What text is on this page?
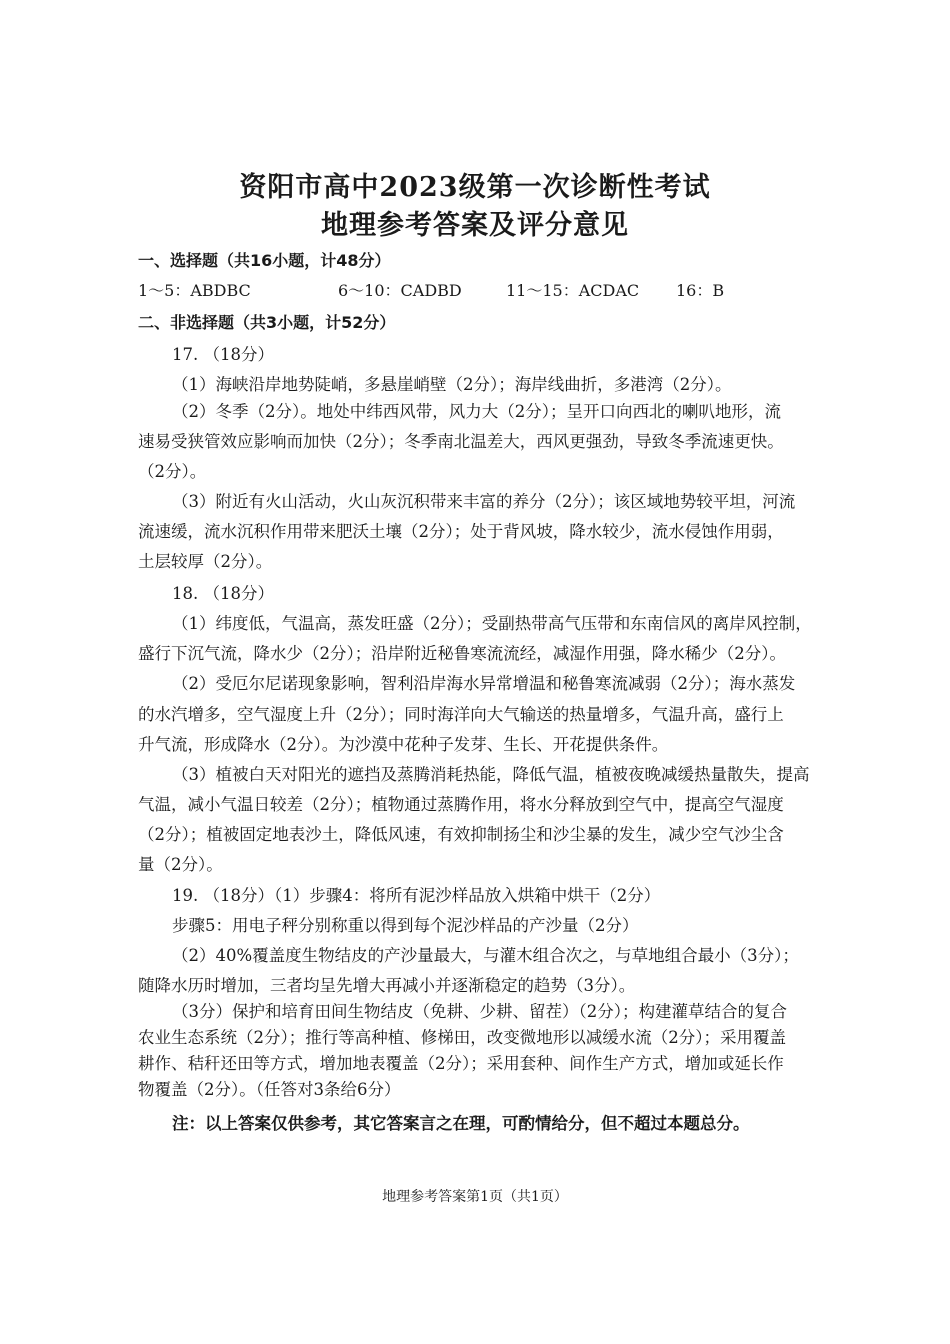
资阳市高中2023级第一次诊断性考试
地理参考答案及评分意见
一、选择题（共16小题，计48分）
1～5：ABDBC	6～10：CADBD	11～15：ACDAC 16：B
二、非选择题（共3小题，计52分）
17. （18分）
（1）海峡沿岸地势陡峭，多悬崖峭壁（2分）；海岸线曲折，多港湾（2分）。
（2）冬季（2分）。地处中纬西风带，风力大（2分）；呈开口向西北的喇叭地形，流
速易受狭管效应影响而加快（2分）；冬季南北温差大，西风更强劲，导致冬季流速更快。
（2分）。
（3）附近有火山活动，火山灰沉积带来丰富的养分（2分）；该区域地势较平坦，河流
流速缓，流水沉积作用带来肥沃土壤（2分）；处于背风坡，降水较少，流水侵蚀作用弱，
土层较厚（2分）。
18. （18分）
（1）纬度低，气温高，蒸发旺盛（2分）；受副热带高气压带和东南信风的离岸风控制，
盛行下沉气流，降水少（2分）；沿岸附近秘鲁寒流流经，减湿作用强，降水稀少（2分）。
（2）受厄尔尼诺现象影响，智利沿岸海水异常增温和秘鲁寒流减弱（2分）；海水蒸发
的水汽增多，空气湿度上升（2分）；同时海洋向大气输送的热量增多，气温升高，盛行上
升气流，形成降水（2分）。为沙漠中花种子发芽、生长、开花提供条件。
（3）植被白天对阳光的遮挡及蒸腾消耗热能，降低气温，植被夜晚减缓热量散失，提高
气温，减小气温日较差（2分）；植物通过蒸腾作用，将水分释放到空气中，提高空气湿度
（2分）；植被固定地表沙土，降低风速，有效抑制扬尘和沙尘暴的发生，减少空气沙尘含
量（2分）。
19. （18分）（1）步骤4：将所有泥沙样品放入烘箱中烘干（2分）
步骤5：用电子秤分别称重以得到每个泥沙样品的产沙量（2分）
（2）40%覆盖度生物结皮的产沙量最大，与灌木组合次之，与草地组合最小（3分）；
随降水历时增加，三者均呈先增大再减小并逐渐稳定的趋势（3分）。
（3分）保护和培育田间生物结皮（免耕、少耕、留茬）（2分）；构建灌草结合的复合
农业生态系统（2分）；推行等高种植、修梯田，改变微地形以减缓水流（2分）；采用覆盖
耕作、秸秆还田等方式，增加地表覆盖（2分）；采用套种、间作生产方式，增加或延长作
物覆盖（2分）。（任答对3条给6分）
注：以上答案仅供参考，其它答案言之在理，可酌情给分，但不超过本题总分。
地理参考答案第1页（共1页）
